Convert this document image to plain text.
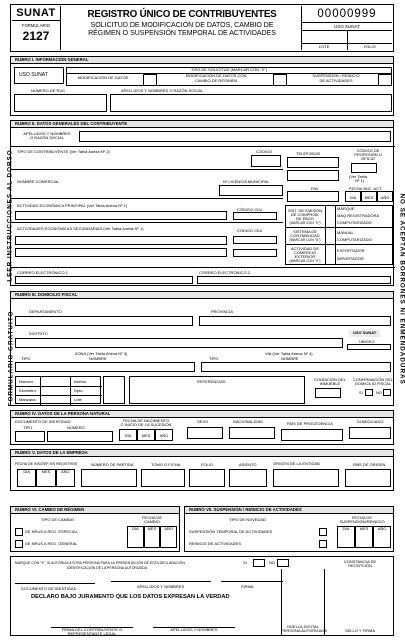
LEER INSTRUCCIONES AL DORSO
FORMULARIO GRATUITO	NO SE ACEPTAN BORRONES NI ENMENDADURAS
SUNAT
FORMULARIO
2127
REGISTRO ÚNICO DE CONTRIBUYENTES
SOLICITUD DE MODIFICACIÓN DE DATOS, CAMBIO DE
RÉGIMEN O SUSPENSIÓN TEMPORAL DE ACTIVIDADES
00000999
USO SUNAT
LOTE	FOLIO
RUBRO I. INFORMACIÓN GENERAL
USO SUNAT
TIPO DE SOLICITUD (MARCAR CON "X")
MODIFICACIÓN DE DATOS	MODIFICACIÓN DE DATOS CON
CAMBIO DE RÉGIMEN
SUSPENSIÓN / REINICIO
DE ACTIVIDADES
NÚMERO DE RUC	APELLIDOS Y NOMBRES O RAZÓN SOCIAL
RUBRO II. DATOS GENERALES DEL CONTRIBUYENTE
APELLIDOS Y NOMBRES
O RAZÓN SOCIAL
TIPO DE CONTRIBUYENTE (Ver Tabla Anexa Nº 2)	CÓDIGO	TELÉFONOS
CÓDIGO DE
PROFESIÓN U
OFICIO
(Ver Tabla
Nº 1)
NOMBRE COMERCIAL	Nº LICENCIA MUNICIPAL
FAX	FECHA INIC. ACT.
DÍA	MES	AÑO
ACTIVIDAD ECONÓMICA PRINCIPAL (Ver Tabla Anexa Nº 1)
CÓDIGO CIIU
ACTIVIDADES ECONÓMICAS SECUNDARIAS (Ver Tabla Anexa Nº 1)	CÓDIGO CIIU
SIST. DE EMISIÓN
DE COMPROB.
DE PAGO
(MARCAR CON "X")
MARQUE
MAQ.REGISTRADORA
COMPUTARIZADO
SISTEMA DE
CONTABILIDAD
(MARCAR CON "X")
MANUAL
COMPUTARIZADO
ACTIVIDAD DE
COMERCIO
EXTERIOR
(MARCAR CON "X")
EXPORTADOR
IMPORTADOR
CORREO ELECTRÓNICO 1	CORREO ELECTRÓNICO 2
RUBRO III. DOMICILIO FISCAL
DEPARTAMENTO	PROVINCIA
DISTRITO	USO SUNAT
UBIGEO
ZONA (Ver Tabla Anexa Nº 3)	VÍA (Ver Tabla Anexa Nº 4)
TIPO	NOMBRE	TIPO	NOMBRE
Número
Kilómetro
Manzana
Interior
Dpto.
Lote
REFERENCIAS	CONDICIÓN DEL
INMUEBLE
CONFIRMACIÓN DEL
DOMICILIO FISCAL
SI	NO
RUBRO IV. DATOS DE LA PERSONA NATURAL
DOCUMENTO DE IDENTIDAD
TIPO	NÚMERO
FECHA DE NACIMIENTO
O INICIO DE LA SUCESIÓN
DÍA	MES	AÑO
SEXO	NACIONALIDAD	PAÍS DE PROCEDENCIA	DOMICILIADO
RUBRO V. DATOS DE LA EMPRESA
FECHA DE INSCRIP. EN REGISTROS
DÍA	MES	AÑO
NÚMERO DE PARTIDA	TOMO O FICHA	FOLIO	ASIENTO	ORIGEN DE LA ENTIDAD	PAÍS DE ORIGEN
RUBRO VI. CAMBIO DE RÉGIMEN
TIPO DE CAMBIO	FECHA DE
CAMBIO
DE NRUS A REG. ESPECIAL
DE NRUS A REG. GENERAL
DÍA	MES	AÑO
RUBRO VII. SUSPENSIÓN / REINICIO DE ACTIVIDADES
TIPO DE NOVEDAD	FECHA DE
SUSPENSIÓN/REINICIO
SUSPENSIÓN TEMPORAL DE ACTIVIDADES
REINICIO DE ACTIVIDADES
DÍA	MES	AÑO
MARQUE CON "X", SI AUTORIZA A OTRA PERSONA PARA LA PRESENTACIÓN DE ESTA DECLARACIÓN
IDENTIFICACIÓN DE LA PERSONA AUTORIZADA
SI	NO
DOCUMENTO DE IDENTIDAD	APELLIDOS Y NOMBRES	FIRMA
DECLARO BAJO JURAMENTO QUE LOS DATOS EXPRESAN LA VERDAD
FIRMA DEL CONTRIBUYENTE O
REPRESENTANTE LEGAL
APELLIDOS Y NOMBRES
HUELLA DIGITAL
PERSONA AUTORIZADA
CONSTANCIA DE
RECEPCIÓN
SELLO Y FIRMA
